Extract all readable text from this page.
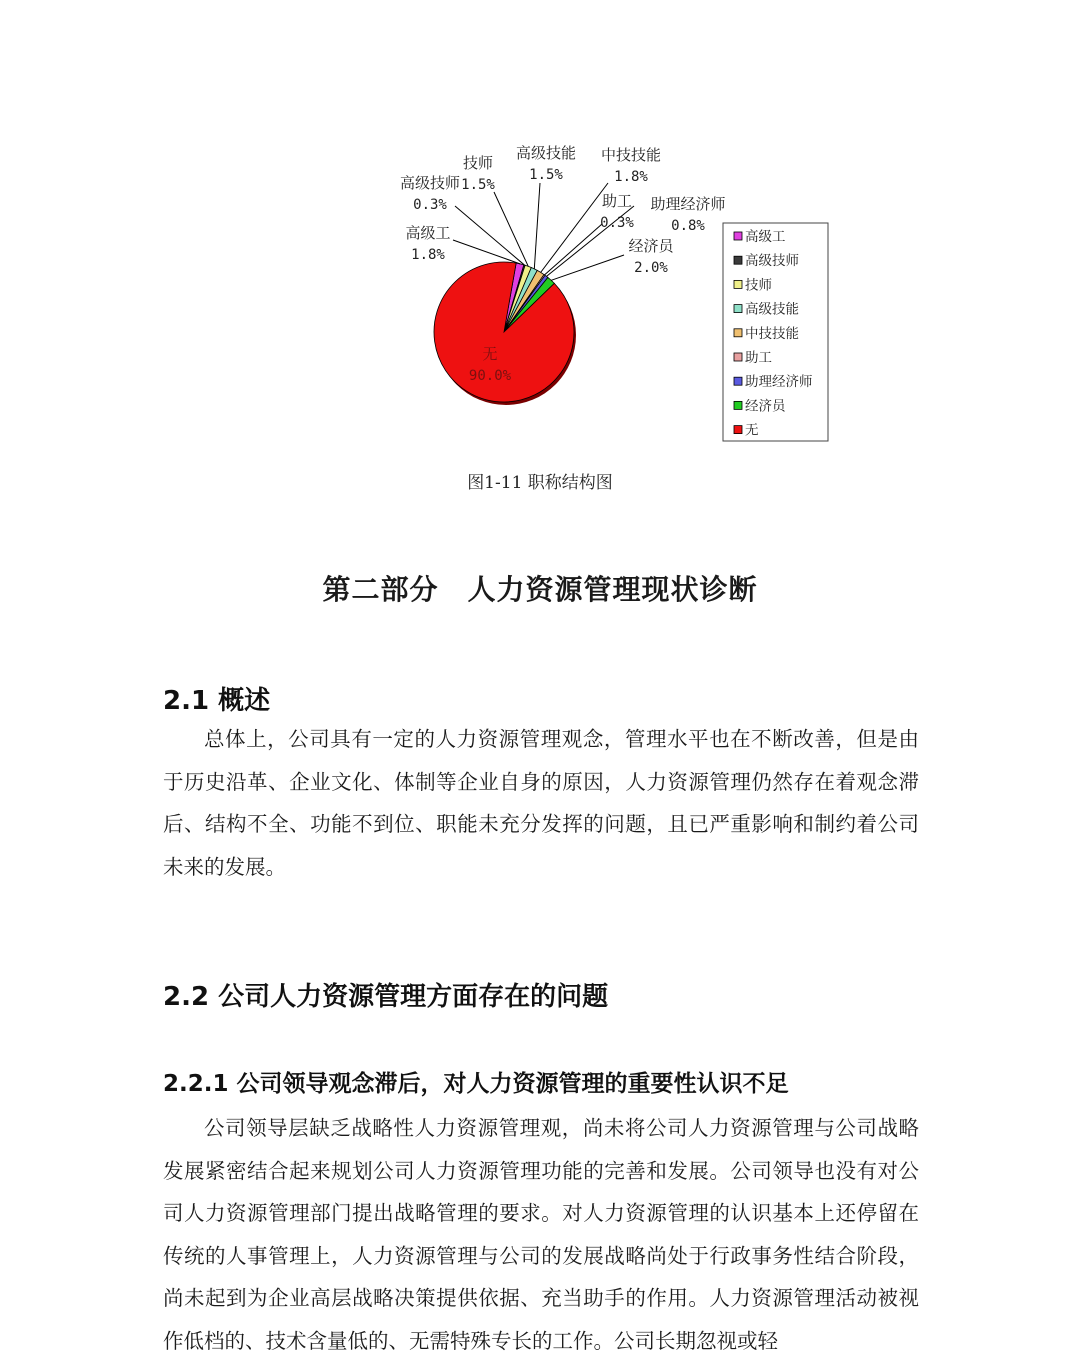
高级工
1.8%
高级技师
0.3%
技师
1.5%
高级技能
1.5%
中技技能
1.8%
助工
0.3%
助理经济师
0.8%
经济员
2.0%
无
90.0%
高级工
高级技师
技师
高级技能
中技技能
助工
助理经济师
经济员
无
图1-11 职称结构图
第二部分　人力资源管理现状诊断
2.1 概述
总体上，公司具有一定的人力资源管理观念，管理水平也在不断改善，但是由于历史沿革、企业文化、体制等企业自身的原因，人力资源管理仍然存在着观念滞后、结构不全、功能不到位、职能未充分发挥的问题，且已严重影响和制约着公司未来的发展。
2.2 公司人力资源管理方面存在的问题
2.2.1 公司领导观念滞后，对人力资源管理的重要性认识不足
公司领导层缺乏战略性人力资源管理观，尚未将公司人力资源管理与公司战略发展紧密结合起来规划公司人力资源管理功能的完善和发展。公司领导也没有对公司人力资源管理部门提出战略管理的要求。对人力资源管理的认识基本上还停留在传统的人事管理上，人力资源管理与公司的发展战略尚处于行政事务性结合阶段，尚未起到为企业高层战略决策提供依据、充当助手的作用。人力资源管理活动被视作低档的、技术含量低的、无需特殊专长的工作。公司长期忽视或轻
